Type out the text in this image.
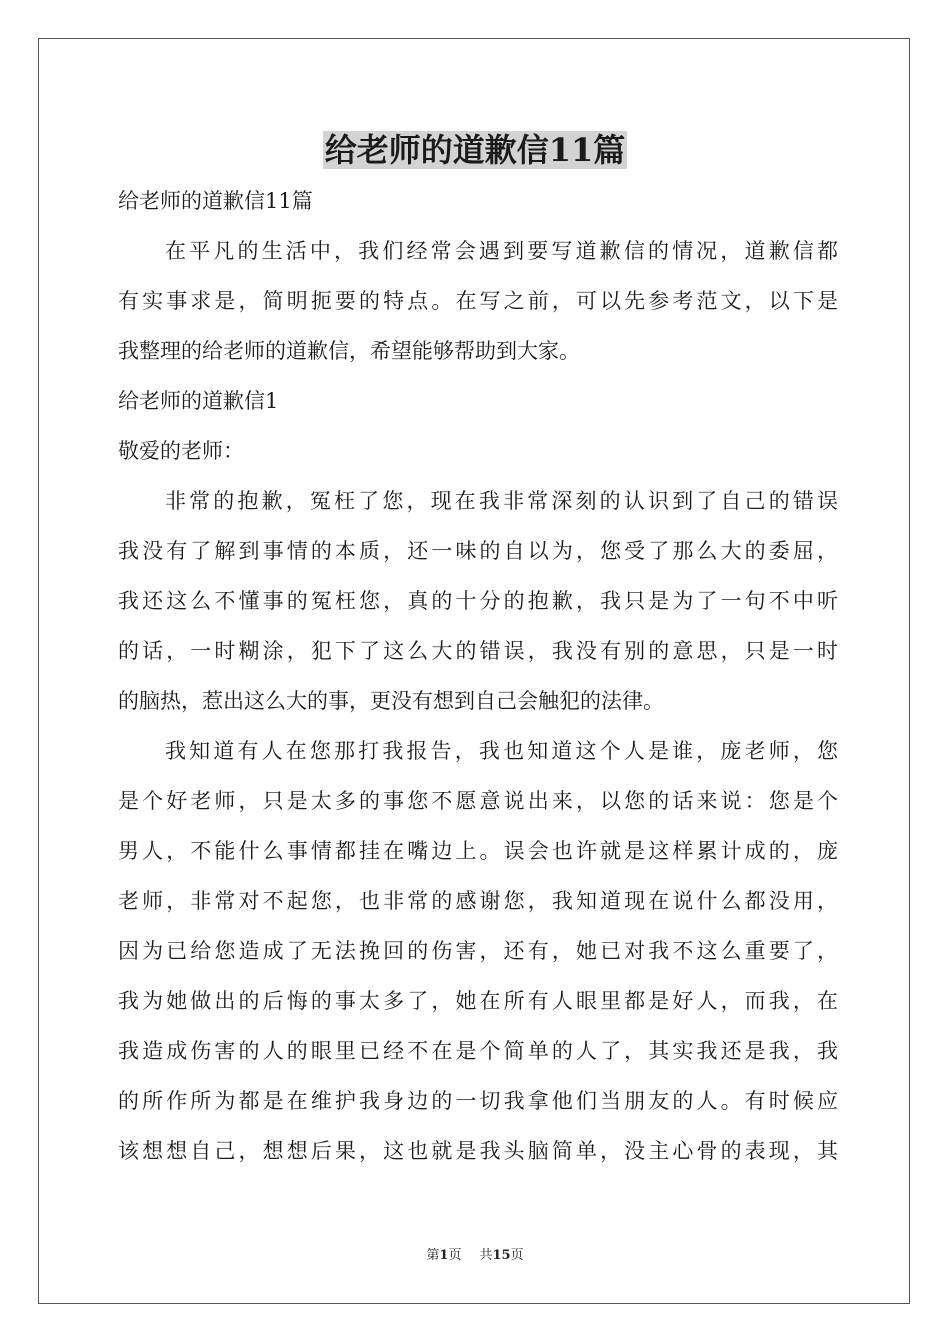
给老师的道歉信11篇
给老师的道歉信11篇
在平凡的生活中，我们经常会遇到要写道歉信的情况，道歉信都
有实事求是，简明扼要的特点。在写之前，可以先参考范文，以下是
我整理的给老师的道歉信，希望能够帮助到大家。
给老师的道歉信1
敬爱的老师：
非常的抱歉，冤枉了您，现在我非常深刻的认识到了自己的错误
我没有了解到事情的本质，还一味的自以为，您受了那么大的委屈，
我还这么不懂事的冤枉您，真的十分的抱歉，我只是为了一句不中听
的话，一时糊涂，犯下了这么大的错误，我没有别的意思，只是一时
的脑热，惹出这么大的事，更没有想到自己会触犯的法律。
我知道有人在您那打我报告，我也知道这个人是谁，庞老师，您
是个好老师，只是太多的事您不愿意说出来，以您的话来说：您是个
男人，不能什么事情都挂在嘴边上。误会也许就是这样累计成的，庞
老师，非常对不起您，也非常的感谢您，我知道现在说什么都没用，
因为已给您造成了无法挽回的伤害，还有，她已对我不这么重要了，
我为她做出的后悔的事太多了，她在所有人眼里都是好人，而我，在
我造成伤害的人的眼里已经不在是个简单的人了，其实我还是我，我
的所作所为都是在维护我身边的一切我拿他们当朋友的人。有时候应
该想想自己，想想后果，这也就是我头脑简单，没主心骨的表现，其
第1页 共15页
